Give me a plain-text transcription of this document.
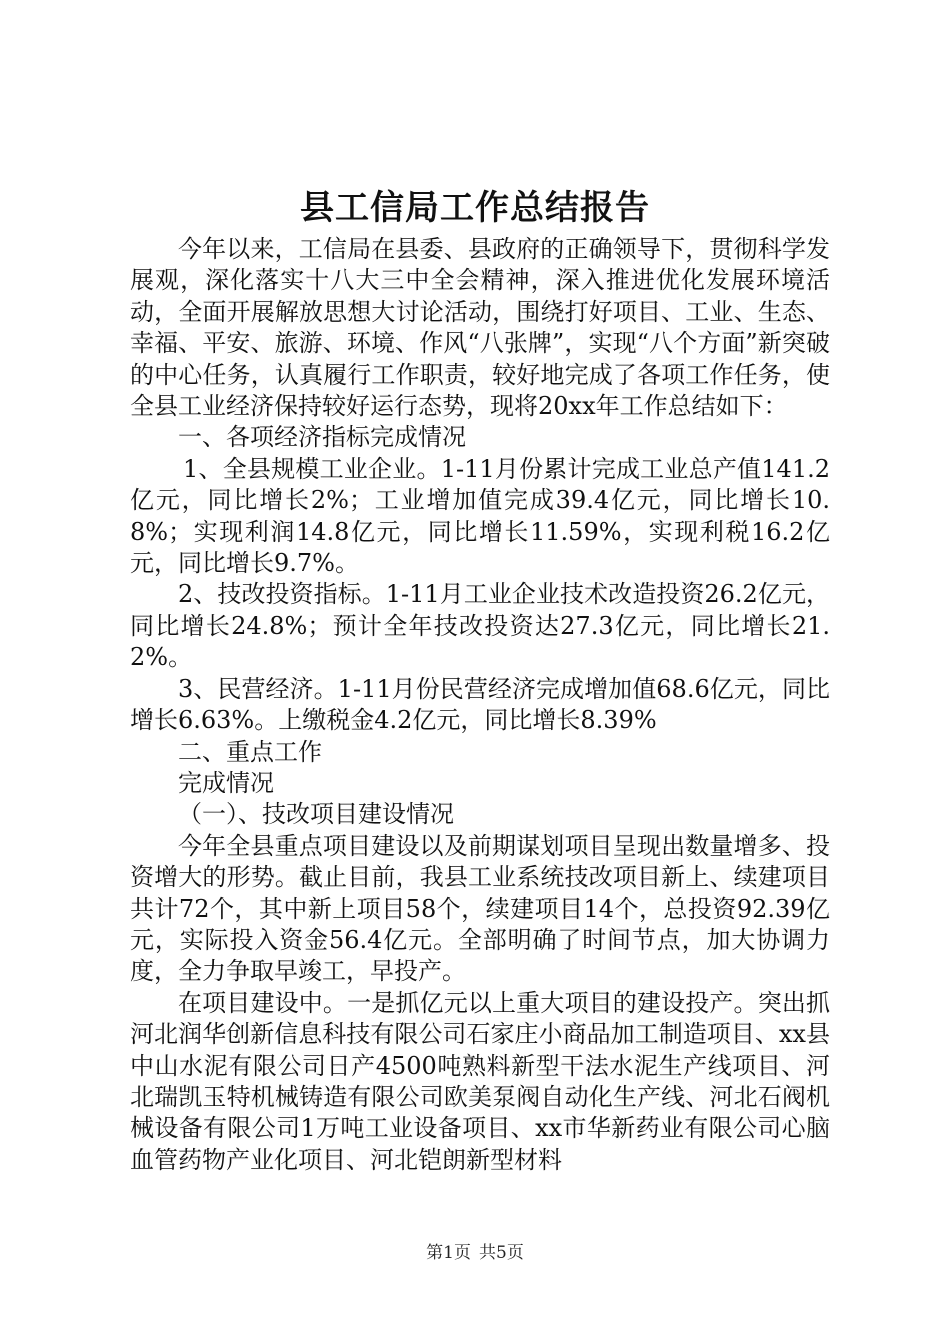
县工信局工作总结报告

今年以来，工信局在县委、县政府的正确领导下，贯彻科学发展观，深化落实十八大三中全会精神，深入推进优化发展环境活动，全面开展解放思想大讨论活动，围绕打好项目、工业、生态、幸福、平安、旅游、环境、作风“八张牌”，实现“八个方面”新突破的中心任务，认真履行工作职责，较好地完成了各项工作任务，使全县工业经济保持较好运行态势，现将20xx年工作总结如下：

一、各项经济指标完成情况

1、全县规模工业企业。1-11月份累计完成工业总产值141.2亿元，同比增长2%；工业增加值完成39.4亿元，同比增长10.8%；实现利润14.8亿元，同比增长11.59%，实现利税16.2亿元，同比增长9.7%。

2、技改投资指标。1-11月工业企业技术改造投资26.2亿元，同比增长24.8%；预计全年技改投资达27.3亿元，同比增长21.2%。

3、民营经济。1-11月份民营经济完成增加值68.6亿元，同比增长6.63%。上缴税金4.2亿元，同比增长8.39%

二、重点工作

完成情况

（一）、技改项目建设情况

今年全县重点项目建设以及前期谋划项目呈现出数量增多、投资增大的形势。截止目前，我县工业系统技改项目新上、续建项目共计72个，其中新上项目58个，续建项目14个，总投资92.39亿元，实际投入资金56.4亿元。全部明确了时间节点，加大协调力度，全力争取早竣工，早投产。

在项目建设中。一是抓亿元以上重大项目的建设投产。突出抓河北润华创新信息科技有限公司石家庄小商品加工制造项目、xx县中山水泥有限公司日产4500吨熟料新型干法水泥生产线项目、河北瑞凯玉特机械铸造有限公司欧美泵阀自动化生产线、河北石阀机械设备有限公司1万吨工业设备项目、xx市华新药业有限公司心脑血管药物产业化项目、河北铠朗新型材料

第1页 共5页
